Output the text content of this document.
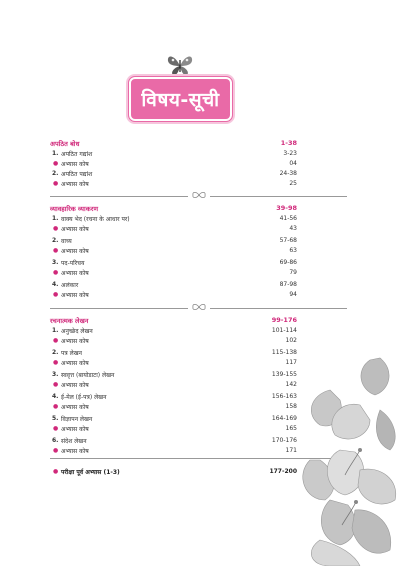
विषय-सूची
अपठित बोध	1-38
1. अपठित गद्यांश	3-23
● अभ्यास कोष	04
2. अपठित पद्यांश	24-38
● अभ्यास कोष	25
व्यावहारिक व्याकरण	39-98
1. वाक्य भेद (रचना के आधार पर)	41-56
● अभ्यास कोष	43
2. वाच्य	57-68
● अभ्यास कोष	63
3. पद-परिचय	69-86
● अभ्यास कोष	79
4. अलंकार	87-98
● अभ्यास कोष	94
रचनात्मक लेखन	99-176
1. अनुच्छेद लेखन	101-114
● अभ्यास कोष	102
2. पत्र लेखन	115-138
● अभ्यास कोष	117
3. स्ववृत्त (बायोडाटा) लेखन	139-155
● अभ्यास कोष	142
4. ई-मेल (ई-पत्र) लेखन	156-163
● अभ्यास कोष	158
5. विज्ञापन लेखन	164-169
● अभ्यास कोष	165
6. संदेश लेखन	170-176
● अभ्यास कोष	171
● परीक्षा पूर्व अभ्यास (1-3)	177-200
